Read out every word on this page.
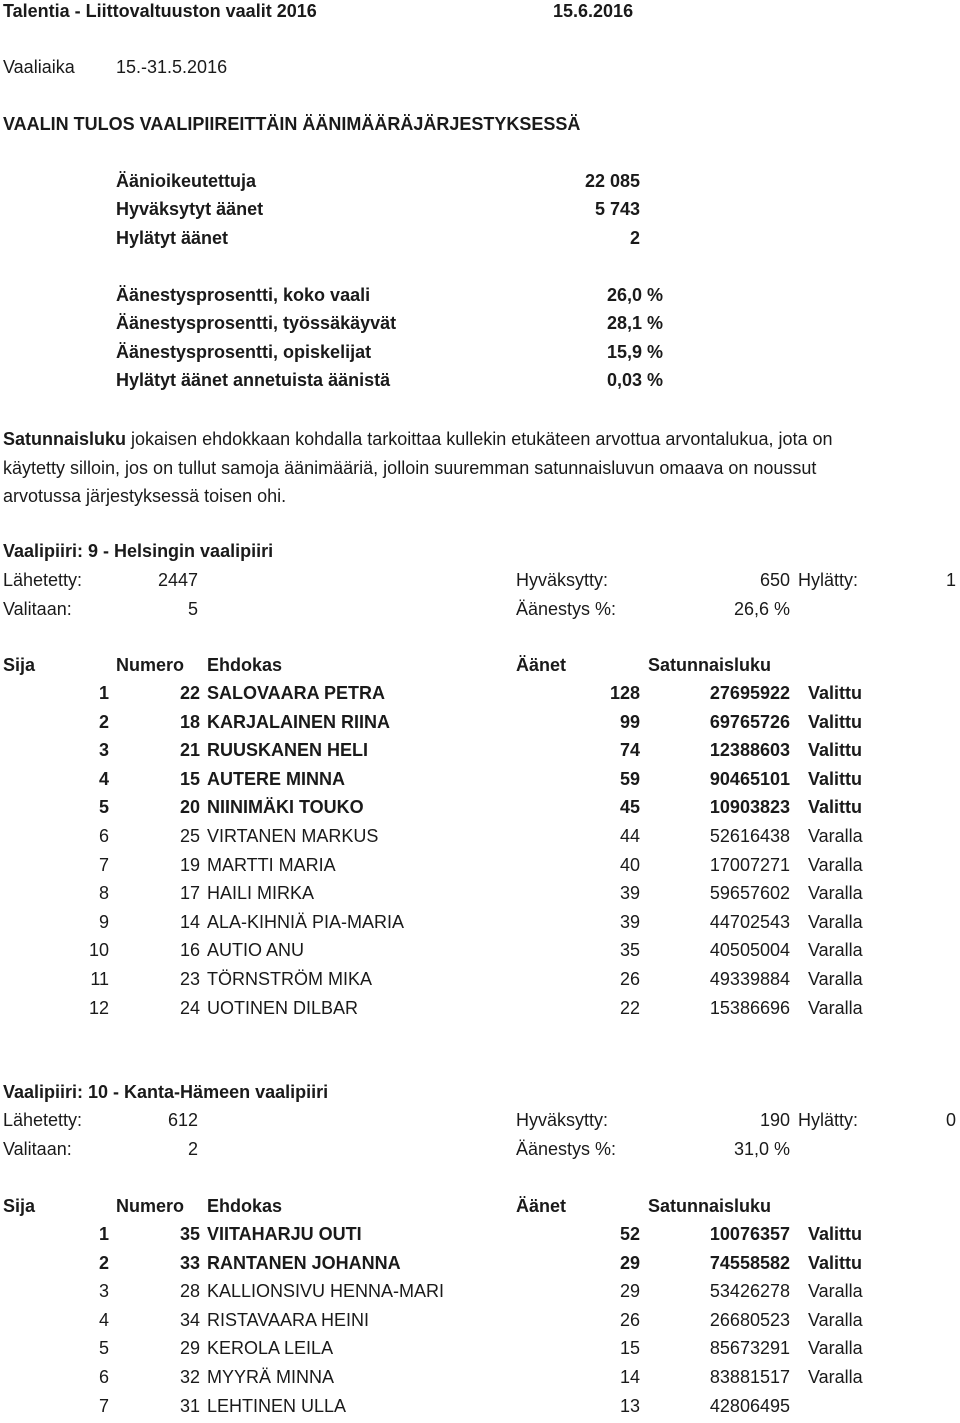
Talentia - Liittovaltuuston vaalit 2016	15.6.2016
Vaaliaika 15.-31.5.2016
VAALIN TULOS VAALIPIIREITTÄIN ÄÄNIMÄÄRÄJÄRJESTYKSESSÄ
Äänioikeutettuja	22 085
Hyväksytyt äänet	5 743
Hylätyt äänet	2
Äänestysprosentti, koko vaali	26,0 %
Äänestysprosentti, työssäkäyvät	28,1 %
Äänestysprosentti, opiskelijat	15,9 %
Hylätyt äänet annetuista äänistä	0,03 %
Satunnaisluku jokaisen ehdokkaan kohdalla tarkoittaa kullekin etukäteen arvottua arvontalukua, jota on käytetty silloin, jos on tullut samoja äänimääriä, jolloin suuremman satunnaisluvun omaava on noussut arvotussa järjestyksessä toisen ohi.
Vaalipiiri: 9 - Helsingin vaalipiiri
Lähetetty:	2447	Hyväksytty:	650 Hylätty:	1
Valitaan:	5	Äänestys %:	26,6 %
Sija	Numero Ehdokas	Äänet	Satunnaisluku
1	22 SALOVAARA PETRA	128	27695922 Valittu
2	18 KARJALAINEN RIINA	99	69765726 Valittu
3	21 RUUSKANEN HELI	74	12388603 Valittu
4	15 AUTERE MINNA	59	90465101 Valittu
5	20 NIINIMÄKI TOUKO	45	10903823 Valittu
6	25 VIRTANEN MARKUS	44	52616438 Varalla
7	19 MARTTI MARIA	40	17007271 Varalla
8	17 HAILI MIRKA	39	59657602 Varalla
9	14 ALA-KIHNIÄ PIA-MARIA	39	44702543 Varalla
10	16 AUTIO ANU	35	40505004 Varalla
11	23 TÖRNSTRÖM MIKA	26	49339884 Varalla
12	24 UOTINEN DILBAR	22	15386696 Varalla
Vaalipiiri: 10 - Kanta-Hämeen vaalipiiri
Lähetetty:	612	Hyväksytty:	190 Hylätty:	0
Valitaan:	2	Äänestys %:	31,0 %
Sija	Numero Ehdokas	Äänet	Satunnaisluku
1	35 VIITAHARJU OUTI	52	10076357 Valittu
2	33 RANTANEN JOHANNA	29	74558582 Valittu
3	28 KALLIONSIVU HENNA-MARI	29	53426278 Varalla
4	34 RISTAVAARA HEINI	26	26680523 Varalla
5	29 KEROLA LEILA	15	85673291 Varalla
6	32 MYYRÄ MINNA	14	83881517 Varalla
7	31 LEHTINEN ULLA	13	42806495
